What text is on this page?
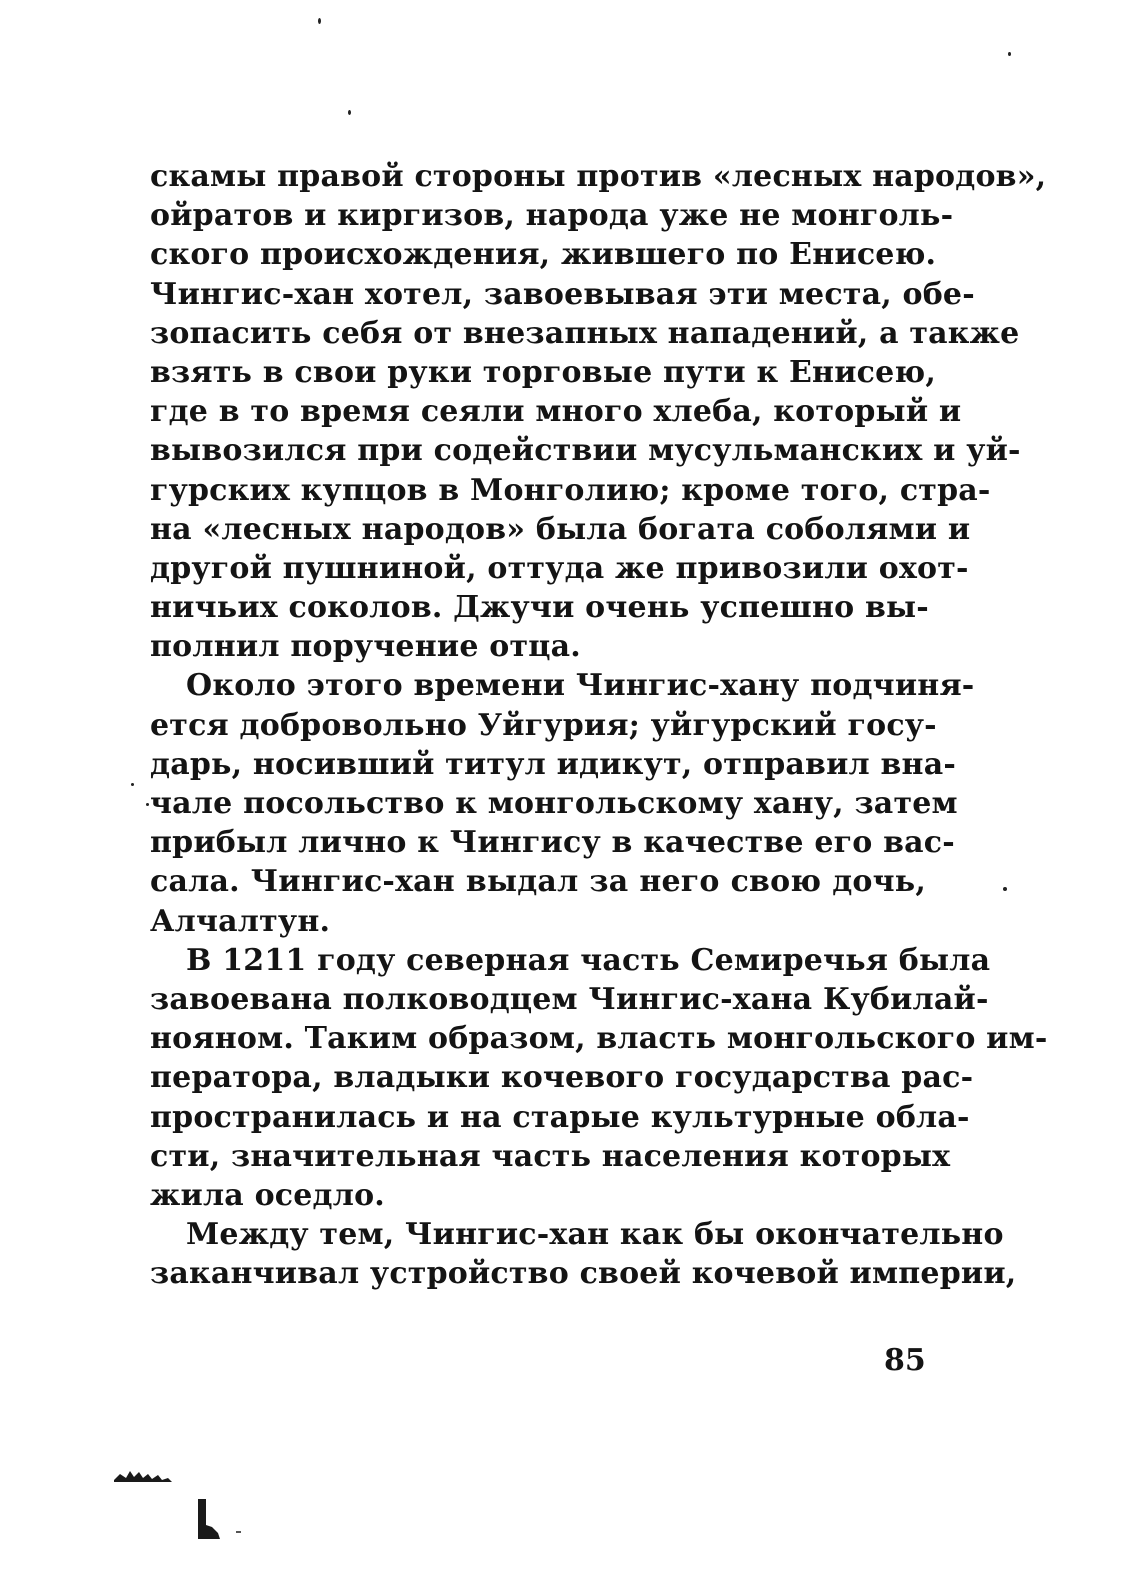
скамы правой стороны против «лесных народов»,
ойратов и киргизов, народа уже не монголь-
ского происхождения, жившего по Енисею.
Чингис-хан хотел, завоевывая эти места, обе-
зопасить себя от внезапных нападений, а также
взять в свои руки торговые пути к Енисею,
где в то время сеяли много хлеба, который и
вывозился при содействии мусульманских и уй-
гурских купцов в Монголию; кроме того, стра-
на «лесных народов» была богата соболями и
другой пушниной, оттуда же привозили охот-
ничьих соколов. Джучи очень успешно вы-
полнил поручение отца.
Около этого времени Чингис-хану подчиня-
ется добровольно Уйгурия; уйгурский госу-
дарь, носивший титул идикут, отправил вна-
чале посольство к монгольскому хану, затем
прибыл лично к Чингису в качестве его вас-
сала. Чингис-хан выдал за него свою дочь,
Алчалтун.
В 1211 году северная часть Семиречья была
завоевана полководцем Чингис-хана Кубилай-
нояном. Таким образом, власть монгольского им-
ператора, владыки кочевого государства рас-
пространилась и на старые культурные обла-
сти, значительная часть населения которых
жила оседло.
Между тем, Чингис-хан как бы окончательно
заканчивал устройство своей кочевой империи,
85
